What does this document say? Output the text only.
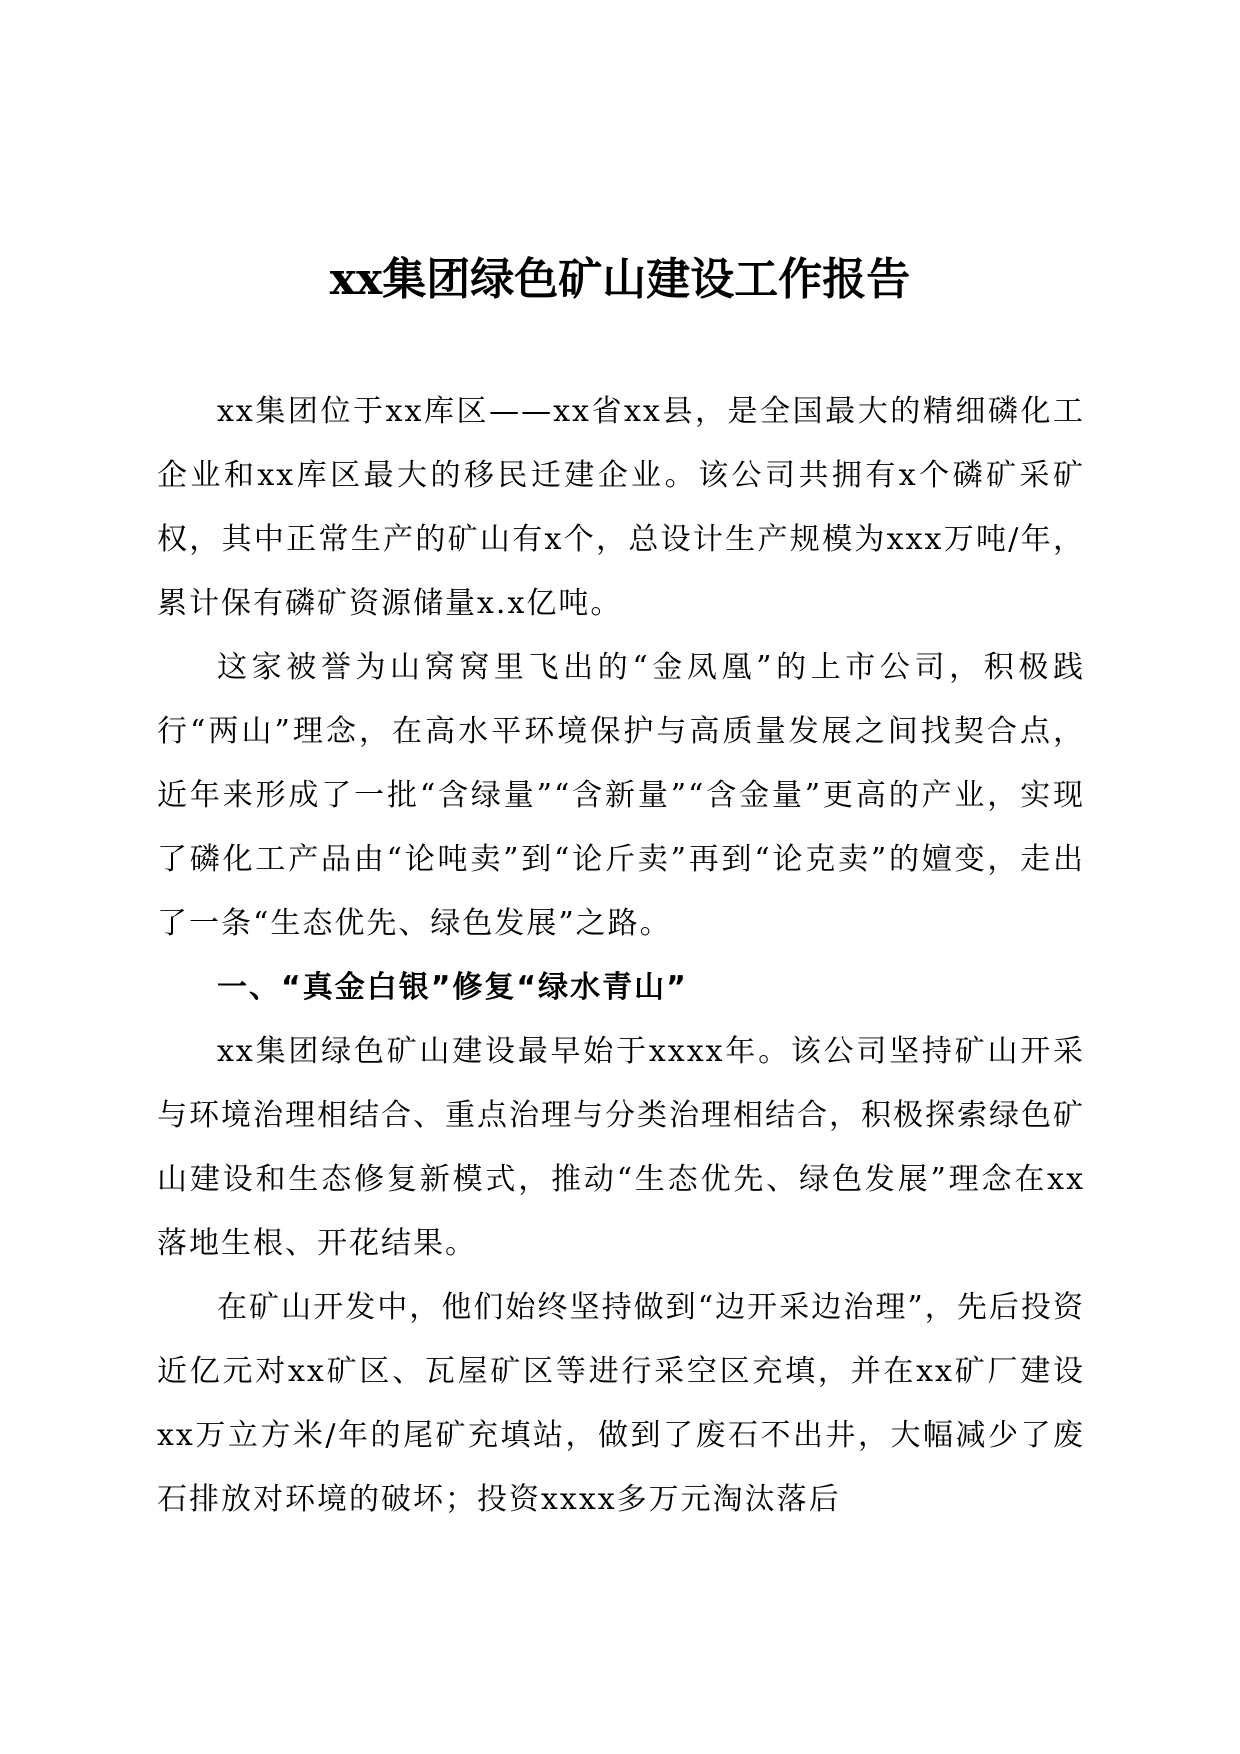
xx集团绿色矿山建设工作报告

xx集团位于xx库区——xx省xx县，是全国最大的精细磷化工企业和xx库区最大的移民迁建企业。该公司共拥有x个磷矿采矿权，其中正常生产的矿山有x个，总设计生产规模为xxx万吨/年，累计保有磷矿资源储量x.x亿吨。

这家被誉为山窝窝里飞出的“金凤凰”的上市公司，积极践行“两山”理念，在高水平环境保护与高质量发展之间找契合点，近年来形成了一批“含绿量”“含新量”“含金量”更高的产业，实现了磷化工产品由“论吨卖”到“论斤卖”再到“论克卖”的嬗变，走出了一条“生态优先、绿色发展”之路。

一、“真金白银”修复“绿水青山”

xx集团绿色矿山建设最早始于xxxx年。该公司坚持矿山开采与环境治理相结合、重点治理与分类治理相结合，积极探索绿色矿山建设和生态修复新模式，推动“生态优先、绿色发展”理念在xx落地生根、开花结果。

在矿山开发中，他们始终坚持做到“边开采边治理”，先后投资近亿元对xx矿区、瓦屋矿区等进行采空区充填，并在xx矿厂建设xx万立方米/年的尾矿充填站，做到了废石不出井，大幅减少了废石排放对环境的破坏；投资xxxx多万元淘汰落后
